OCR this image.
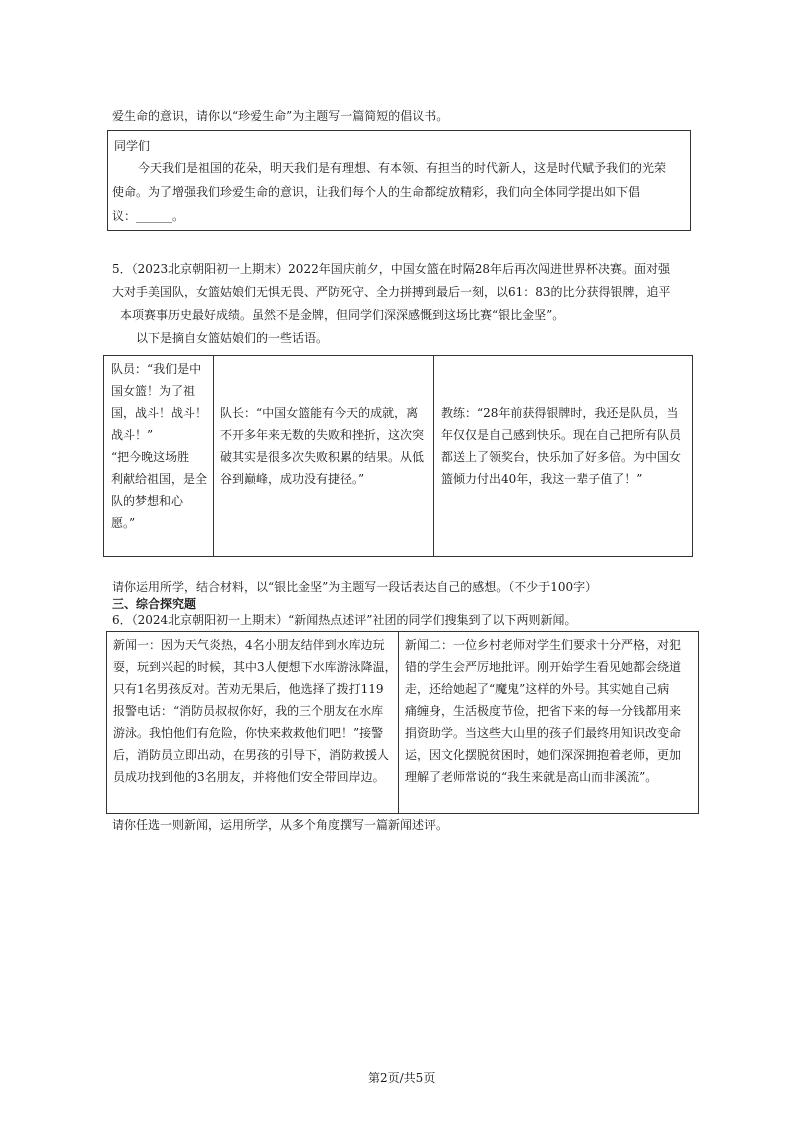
爱生命的意识，请你以“珍爱生命”为主题写一篇简短的倡议书。
同学们
今天我们是祖国的花朵，明天我们是有理想、有本领、有担当的时代新人，这是时代赋予我们的光荣
使命。为了增强我们珍爱生命的意识，让我们每个人的生命都绽放精彩，我们向全体同学提出如下倡
议：______。
5．（2023北京朝阳初一上期末）2022年国庆前夕，中国女篮在时隔28年后再次闯进世界杯决赛。面对强
大对手美国队，女篮姑娘们无惧无畏、严防死守、全力拼搏到最后一刻，以61：83的比分获得银牌，追平
本项赛事历史最好成绩。虽然不是金牌，但同学们深深感慨到这场比赛“银比金坚”。
以下是摘自女篮姑娘们的一些话语。
队员：“我们是中
国女篮！为了祖
国，战斗！战斗！
战斗！”
“把今晚这场胜
利献给祖国，是全
队的梦想和心
愿。”
队长：“中国女篮能有今天的成就，离
不开多年来无数的失败和挫折，这次突
破其实是很多次失败积累的结果。从低
谷到巅峰，成功没有捷径。”
教练：“28年前获得银牌时，我还是队员，当
年仅仅是自己感到快乐。现在自己把所有队员
都送上了领奖台，快乐加了好多倍。为中国女
篮倾力付出40年，我这一辈子值了！”
请你运用所学，结合材料，以“银比金坚”为主题写一段话表达自己的感想。（不少于100字）
三、综合探究题
6．（2024北京朝阳初一上期末）“新闻热点述评”社团的同学们搜集到了以下两则新闻。
新闻一：因为天气炎热，4名小朋友结伴到水库边玩
耍，玩到兴起的时候，其中3人便想下水库游泳降温，
只有1名男孩反对。苦劝无果后，他选择了拨打119
报警电话：“消防员叔叔你好，我的三个朋友在水库
游泳。我怕他们有危险，你快来救救他们吧！”接警
后，消防员立即出动，在男孩的引导下，消防救援人
员成功找到他的3名朋友，并将他们安全带回岸边。
新闻二：一位乡村老师对学生们要求十分严格，对犯
错的学生会严厉地批评。刚开始学生看见她都会绕道
走，还给她起了“魔鬼”这样的外号。其实她自己病
痛缠身，生活极度节俭，把省下来的每一分钱都用来
捐资助学。当这些大山里的孩子们最终用知识改变命
运，因文化摆脱贫困时，她们深深拥抱着老师，更加
理解了老师常说的“我生来就是高山而非溪流”。
请你任选一则新闻，运用所学，从多个角度撰写一篇新闻述评。
第2页/共5页
